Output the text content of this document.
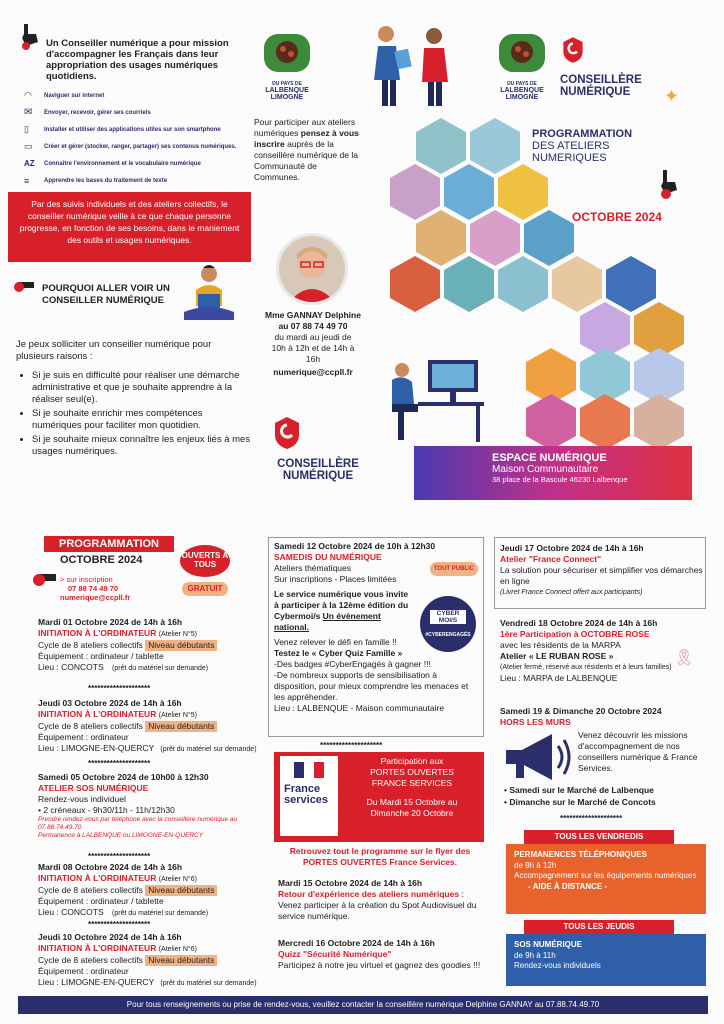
Un Conseiller numérique a pour mission d'accompagner les Français dans leur appropriation des usages numériques quotidiens.
◠	Naviguer sur internet
✉	Envoyer, recevoir, gérer ses courriels
▯	Installer et utiliser des applications utiles sur son smartphone
▭	Créer et gérer (stocker, ranger, partager) ses contenus numériques.
AZ	Connaître l'environnement et le vocabulaire numérique
≡	Apprendre les bases du traitement de texte
Par des suivis individuels et des ateliers collectifs, le conseiller numérique veille à ce que chaque personne progresse, en fonction de ses besoins, dans le maniement des outils et usages numériques.
POURQUOI ALLER VOIR UN CONSEILLER NUMÉRIQUE
Je peux solliciter un conseiller numérique pour plusieurs raisons :
• Si je suis en difficulté pour réaliser une démarche administrative et que je souhaite apprendre à la réaliser seul(e).
• Si je souhaite enrichir mes compétences numériques pour faciliter mon quotidien.
• Si je souhaite mieux connaître les enjeux liés à mes usages numériques.
DU PAYS DE
LALBENQUE
LIMOGNE
Pour participer aux ateliers numériques pensez à vous inscrire auprès de la conseillère numérique de la Communauté de Communes.
Mme GANNAY Delphine
au 07 88 74 49 70
du mardi au jeudi de 10h à 12h et de 14h à 16h
numerique@ccpll.fr
CONSEILLÈRE
NUMÉRIQUE
DU PAYS DE
LALBENQUE
LIMOGNE
CONSEILLÈRE
NUMÉRIQUE	✦
PROGRAMMATION
DES ATELIERS
NUMERIQUES
OCTOBRE 2024
ESPACE NUMÉRIQUE
Maison Communautaire
38 place de la Bascule 46230 Lalbenque
PROGRAMMATION
OCTOBRE 2024	OUVERTS À TOUS
GRATUIT
> sur inscription
07 88 74 49 70
numerique@ccpll.fr
Mardi 01 Octobre 2024 de 14h à 16h
INITIATION À L'ORDINATEUR (Atelier N°5)
Cycle de 8 ateliers collectifs Niveau débutants
Équipement : ordinateur / tablette
Lieu : CONCOTS (prêt du matériel sur demande)
********************
Jeudi 03 Octobre 2024 de 14h à 16h
INITIATION À L'ORDINATEUR (Atelier N°5)
Cycle de 8 ateliers collectifs Niveau débutants
Équipement : ordinateur
Lieu : LIMOGNE-EN-QUERCY (prêt du matériel sur demande)
********************
Samedi 05 Octobre 2024 de 10h00 à 12h30
ATELIER SOS NUMÉRIQUE
Rendez-vous individuel
• 2 créneaux - 9h30/11h - 11h/12h30
Prendre rendez-vous par téléphone avec la conseillère numérique au 07.88.74.49.70
Permanence à LALBENQUE ou LIMOGNE-EN-QUERCY
********************
Mardi 08 Octobre 2024 de 14h à 16h
INITIATION À L'ORDINATEUR (Atelier N°6)
Cycle de 8 ateliers collectifs Niveau débutants
Équipement : ordinateur / tablette
Lieu : CONCOTS (prêt du matériel sur demande)
********************
Jeudi 10 Octobre 2024 de 14h à 16h
INITIATION À L'ORDINATEUR (Atelier N°6)
Cycle de 8 ateliers collectifs Niveau débutants
Équipement : ordinateur
Lieu : LIMOGNE-EN-QUERCY (prêt du matériel sur demande)
Samedi 12 Octobre 2024 de 10h à 12h30
SAMEDIS DU NUMÉRIQUE
Ateliers thématiques
Sur inscriptions - Places limitées
Le service numérique vous invite à participer à la 12ème édition du Cybermoi/s Un évènement national.
Venez relever le défi en famille !!
Testez le « Cyber Quiz Famille »
-Des badges #CyberEngagés à gagner !!!
-De nombreux supports de sensibilisation à disposition, pour mieux comprendre les menaces et les appréhender.
Lieu : LALBENQUE - Maison communautaire
TOUT PUBLIC
CYBER MOI/S
#CYBERENGAGÉS
********************
France
services
Participation aux
PORTES OUVERTES FRANCE SERVICES
Du Mardi 15 Octobre au Dimanche 20 Octobre
Retrouvez tout le programme sur le flyer des PORTES OUVERTES France Services.
Mardi 15 Octobre 2024 de 14h à 16h
Retour d'expérience des ateliers numériques : Venez participer à la création du Spot Audiovisuel du service numérique.
Mercredi 16 Octobre 2024 de 14h à 16h
Quizz "Sécurité Numérique"
Participez à notre jeu virtuel et gagnez des goodies !!!
Jeudi 17 Octobre 2024 de 14h à 16h
Atelier "France Connect"
La solution pour sécuriser et simplifier vos démarches en ligne
(Livret France Connect offert aux participants)
Vendredi 18 Octobre 2024 de 14h à 16h
1ère Participation à OCTOBRE ROSE
avec les résidents de la MARPA
Atelier « LE RUBAN ROSE »
(Atelier fermé, réservé aux résidents et à leurs familles)
Lieu : MARPA de LALBENQUE
🎗
Samedi 19 & Dimanche 20 Octobre 2024
HORS LES MURS
Venez découvrir les missions d'accompagnement de nos conseillers numérique & France Services.
• Samedi sur le Marché de Lalbenque
• Dimanche sur le Marché de Concots
********************
TOUS LES VENDREDIS
PERMANENCES TÉLÉPHONIQUES
de 9h à 12h
Accompagnement sur les équipements numériques
- AIDE À DISTANCE -
TOUS LES JEUDIS
SOS NUMÉRIQUE
de 9h à 11h
Rendez-vous individuels
Pour tous renseignements ou prise de rendez-vous, veuillez contacter la conseillère numérique Delphine GANNAY au 07.88.74.49.70
